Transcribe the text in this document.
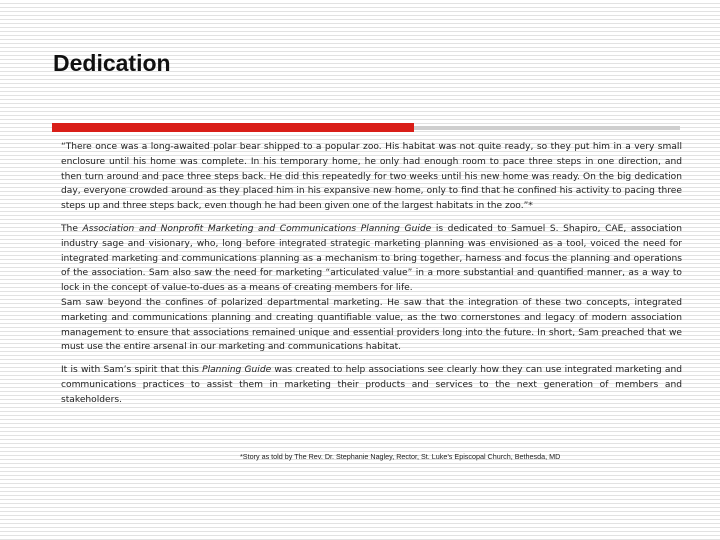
Dedication

“There once was a long-awaited polar bear shipped to a popular zoo. His habitat was not quite ready, so they put him in a very small enclosure until his home was complete. In his temporary home, he only had enough room to pace three steps in one direction, and then turn around and pace three steps back. He did this repeatedly for two weeks until his new home was ready. On the big dedication day, everyone crowded around as they placed him in his expansive new home, only to find that he confined his activity to pacing three steps up and three steps back, even though he had been given one of the largest habitats in the zoo.”*

The Association and Nonprofit Marketing and Communications Planning Guide is dedicated to Samuel S. Shapiro, CAE, association industry sage and visionary, who, long before integrated strategic marketing planning was envisioned as a tool, voiced the need for integrated marketing and communications planning as a mechanism to bring together, harness and focus the planning and operations of the association. Sam also saw the need for marketing “articulated value” in a more substantial and quantified manner, as a way to lock in the concept of value-to-dues as a means of creating members for life.

Sam saw beyond the confines of polarized departmental marketing. He saw that the integration of these two concepts, integrated marketing and communications planning and creating quantifiable value, as the two cornerstones and legacy of modern association management to ensure that associations remained unique and essential providers long into the future. In short, Sam preached that we must use the entire arsenal in our marketing and communications habitat.

It is with Sam’s spirit that this Planning Guide was created to help associations see clearly how they can use integrated marketing and communications practices to assist them in marketing their products and services to the next generation of members and stakeholders.

*Story as told by The Rev. Dr. Stephanie Nagley, Rector, St. Luke’s Episcopal Church, Bethesda, MD
